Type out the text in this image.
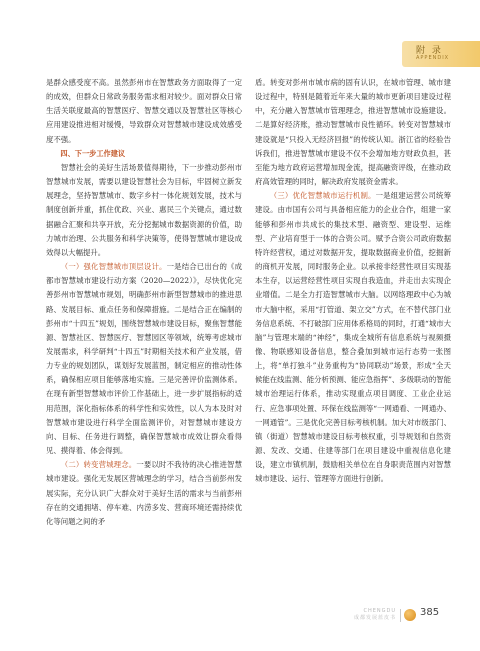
附 录
APPENDIX

是群众感受度不高。虽然彭州市在智慧政务方面取得了一定的成效，但群众日常政务服务需求相对较少。面对群众日常生活关联度最高的智慧医疗、智慧交通以及智慧社区等核心应用建设推进相对缓慢，导致群众对智慧城市建设成效感受度不强。

四、下一步工作建议

智慧社会的美好生活场景值得期待，下一步推动彭州市智慧城市发展，需要以建设智慧社会为目标，牢固树立新发展理念，坚持智慧城市、数字乡村一体化规划发展，技术与制度创新并重，抓住优政、兴业、惠民三个关键点，通过数据融合汇聚和共享开放，充分挖掘城市数据资源的价值，助力城市治理、公共服务和科学决策等，使得智慧城市建设成效得以大幅提升。

（一）强化智慧城市顶层设计。一是结合已出台的《成都市智慧城市建设行动方案（2020—2022）》，尽快优化完善彭州市智慧城市规划，明确彭州市新型智慧城市的推进思路、发展目标、重点任务和保障措施。二是结合正在编制的彭州市“十四五”规划，围绕智慧城市建设目标，聚焦智慧能源、智慧社区、智慧医疗、智慧园区等领域，统筹考虑城市发展需求，科学研判“十四五”时期相关技术和产业发展，借力专业的规划团队，谋划好发展蓝图，制定相应的推动性体系，确保相应项目能够落地实施。三是完善评价监测体系。在现有新型智慧城市评价工作基础上，进一步扩展指标的适用范围，深化指标体系的科学性和实效性，以人为本及时对智慧城市建设进行科学全面监测评价，对智慧城市建设方向、目标、任务进行调整，确保智慧城市成效让群众看得见、摸得着、体会得到。

（二）转变营城理念。一要以时不我待的决心推进智慧城市建设。强化无发展区营城理念的学习，结合当前彭州发展实际，充分认识广大群众对于美好生活的需求与当前彭州存在的交通拥堵、停车难、内涝多发、营商环境还需持续优化等问题之间的矛

盾。转变对彭州市城市病的固有认识，在城市管理、城市建设过程中，特别是随着近年来大量的城市更新项目建设过程中，充分融入智慧城市管理理念，推进智慧城市设施建设。二是算好经济账，推动智慧城市良性循环。转变对智慧城市建设就是“只投入无经济回报”的传统认知。浙江省的经验告诉我们，推进智慧城市建设不仅不会增加地方财政负担，甚至能为地方政府运营增加现金流，提高融资评级，在推动政府高效管理的同时，解决政府发展资金需求。

（三）优化智慧城市运行机制。一是组建运营公司统筹建设。由市国有公司与具备相应能力的企业合作，组建一家能够和彭州市共成长的集技术型、融资型、建设型、运维型、产业培育型于一体的合资公司。赋予合资公司政府数据特许经营权，通过对数据开发，提取数据商业价值，挖掘新的商机开发展，同时服务企业。以承接非经营性项目实现基本生存，以运营经营性项目实现自我造血，并走出去实现企业增值。二是全力打造智慧城市大脑。以网络理政中心为城市大脑中枢，采用“打管道、架立交”方式，在不替代部门业务信息系统、不打破部门应用体系格局的同时，打通“城市大脑”与管理末端的“神经”，集成全城所有信息系统与视频摄像、物联感知设备信息，整合叠加到城市运行态势一张图上，将“单打独斗”业务重构为“协同联动”场景，形成“全天候能在线监测、能分析预测、能应急指挥”、多级联动的智能城市治理运行体系，推动实现重点项目调度、工业企业运行、应急事项处置、环保在线监测等“一网通看、一网通办、一网通管”。三是优化完善目标考核机制。加大对市级部门、镇（街道）智慧城市建设目标考核权重，引导规划和自然资源、发改、交通、住建等部门在项目建设中重视信息化建设，建立市镇机制，鼓励相关单位在自身职责范围内对智慧城市建设、运行、管理等方面进行创新。

CHENGDU
成都发展蓝皮书 385
